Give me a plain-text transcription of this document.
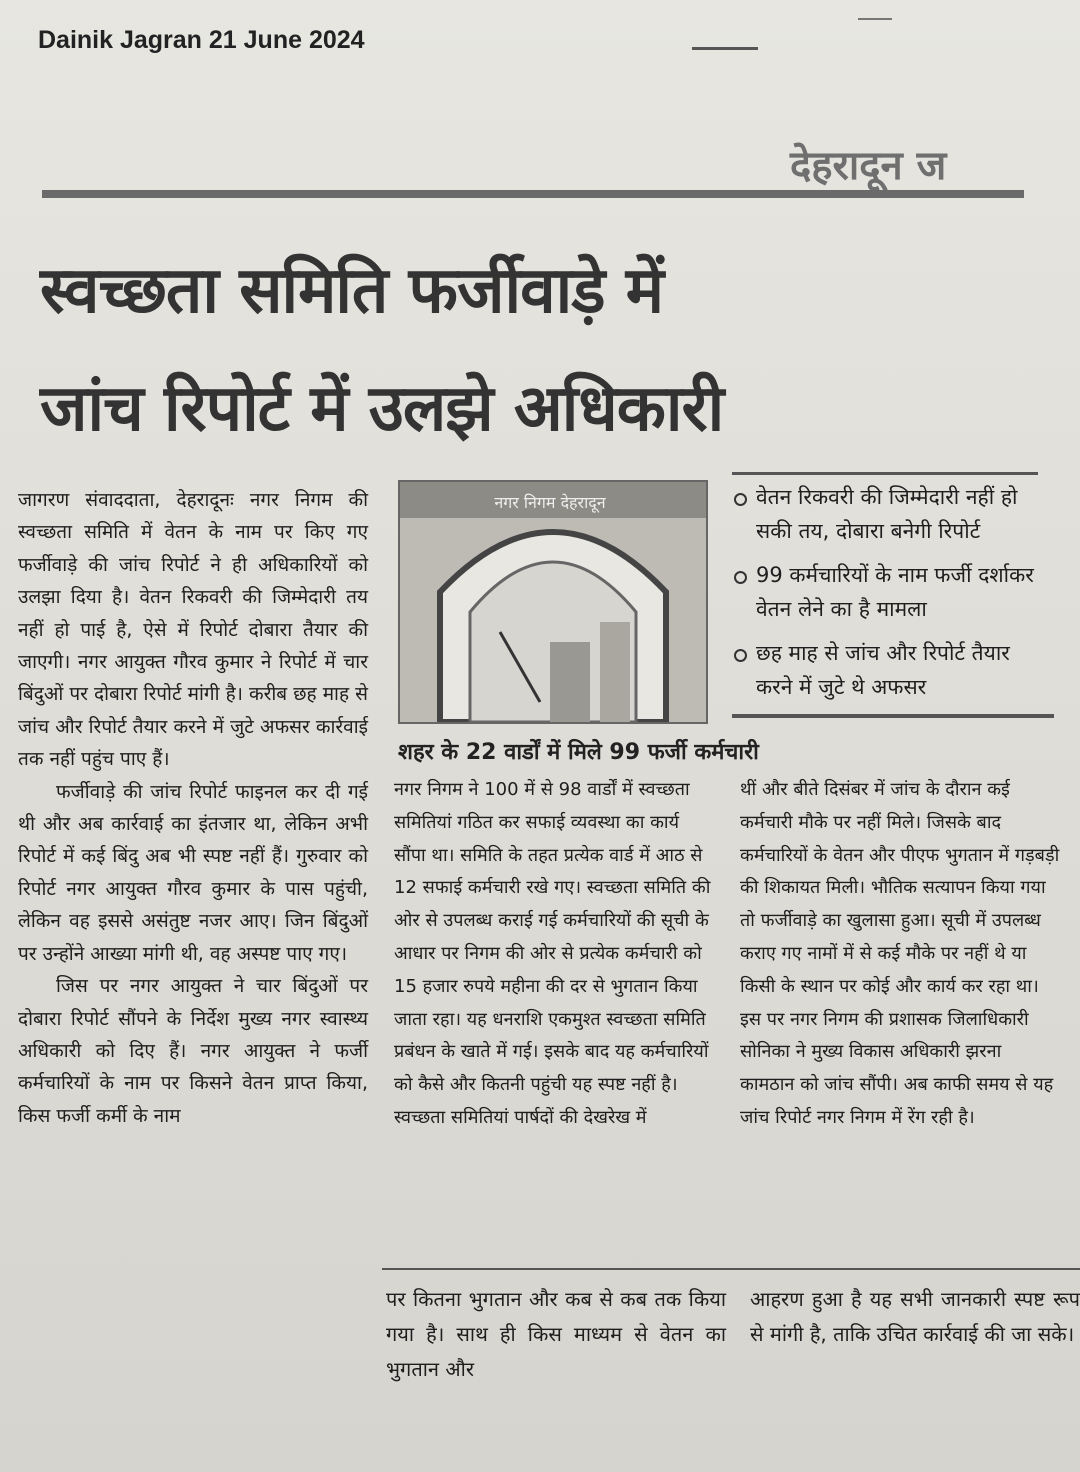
Dainik Jagran 21 June 2024
देहरादून ज
स्वच्छता समिति फर्जीवाड़े में
जांच रिपोर्ट में उलझे अधिकारी

जागरण संवाददाता, देहरादूनः नगर निगम की स्वच्छता समिति में वेतन के नाम पर किए गए फर्जीवाड़े की जांच रिपोर्ट ने ही अधिकारियों को उलझा दिया है। वेतन रिकवरी की जिम्मेदारी तय नहीं हो पाई है, ऐसे में रिपोर्ट दोबारा तैयार की जाएगी। नगर आयुक्त गौरव कुमार ने रिपोर्ट में चार बिंदुओं पर दोबारा रिपोर्ट मांगी है। करीब छह माह से जांच और रिपोर्ट तैयार करने में जुटे अफसर कार्रवाई तक नहीं पहुंच पाए हैं।

फर्जीवाड़े की जांच रिपोर्ट फाइनल कर दी गई थी और अब कार्रवाई का इंतजार था, लेकिन अभी रिपोर्ट में कई बिंदु अब भी स्पष्ट नहीं हैं। गुरुवार को रिपोर्ट नगर आयुक्त गौरव कुमार के पास पहुंची, लेकिन वह इससे असंतुष्ट नजर आए। जिन बिंदुओं पर उन्होंने आख्या मांगी थी, वह अस्पष्ट पाए गए।

जिस पर नगर आयुक्त ने चार बिंदुओं पर दोबारा रिपोर्ट सौंपने के निर्देश मुख्य नगर स्वास्थ्य अधिकारी को दिए हैं। नगर आयुक्त ने फर्जी कर्मचारियों के नाम पर किसने वेतन प्राप्त किया, किस फर्जी कर्मी के नाम

नगर निगम देहरादून	वेतन रिकवरी की जिम्मेदारी नहीं हो सकी तय, दोबारा बनेगी रिपोर्ट
99 कर्मचारियों के नाम फर्जी दर्शाकर वेतन लेने का है मामला
छह माह से जांच और रिपोर्ट तैयार करने में जुटे थे अफसर
शहर के 22 वार्डों में मिले 99 फर्जी कर्मचारी

नगर निगम ने 100 में से 98 वार्डों में स्वच्छता समितियां गठित कर सफाई व्यवस्था का कार्य सौंपा था। समिति के तहत प्रत्येक वार्ड में आठ से 12 सफाई कर्मचारी रखे गए। स्वच्छता समिति की ओर से उपलब्ध कराई गई कर्मचारियों की सूची के आधार पर निगम की ओर से प्रत्येक कर्मचारी को 15 हजार रुपये महीना की दर से भुगतान किया जाता रहा। यह धनराशि एकमुश्त स्वच्छता समिति प्रबंधन के खाते में गई। इसके बाद यह कर्मचारियों को कैसे और कितनी पहुंची यह स्पष्ट नहीं है। स्वच्छता समितियां पार्षदों की देखरेख में

थीं और बीते दिसंबर में जांच के दौरान कई कर्मचारी मौके पर नहीं मिले। जिसके बाद कर्मचारियों के वेतन और पीएफ भुगतान में गड़बड़ी की शिकायत मिली। भौतिक सत्यापन किया गया तो फर्जीवाड़े का खुलासा हुआ। सूची में उपलब्ध कराए गए नामों में से कई मौके पर नहीं थे या किसी के स्थान पर कोई और कार्य कर रहा था। इस पर नगर निगम की प्रशासक जिलाधिकारी सोनिका ने मुख्य विकास अधिकारी झरना कामठान को जांच सौंपी। अब काफी समय से यह जांच रिपोर्ट नगर निगम में रेंग रही है।

पर कितना भुगतान और कब से कब तक किया गया है। साथ ही किस माध्यम से वेतन का भुगतान और

आहरण हुआ है यह सभी जानकारी स्पष्ट रूप से मांगी है, ताकि उचित कार्रवाई की जा सके।
